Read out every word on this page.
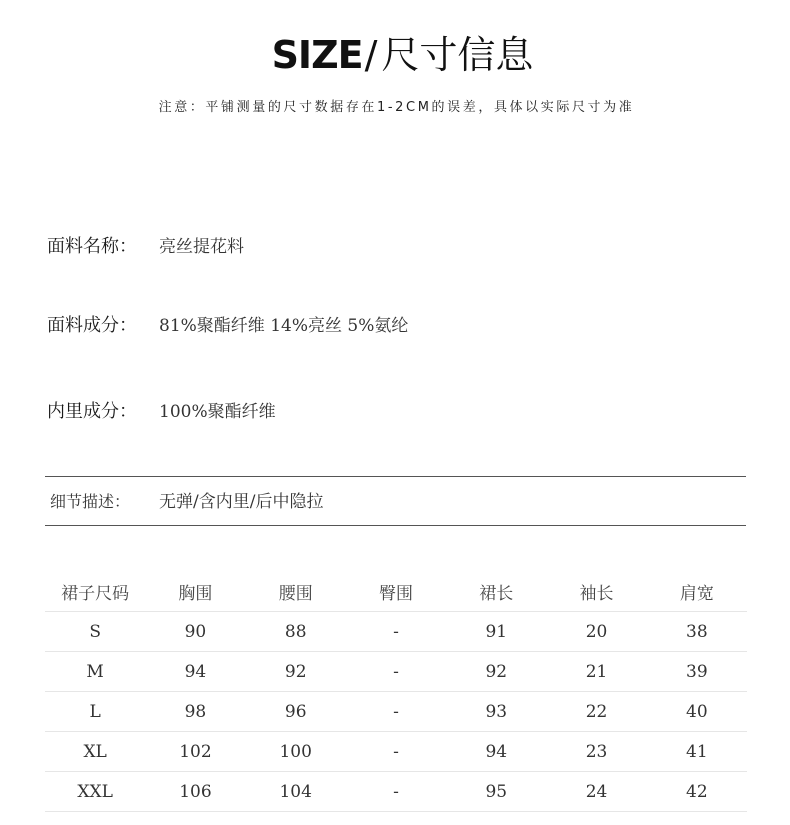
SIZE/ 尺寸信息
注意：平铺测量的尺寸数据存在1-2CM的误差，具体以实际尺寸为准
面料名称： 亮丝提花料
面料成分： 81%聚酯纤维 14%亮丝 5%氨纶
内里成分： 100%聚酯纤维
细节描述： 无弹/含内里/后中隐拉
裙子尺码	胸围	腰围	臀围	裙长	袖长	肩宽
S	90	88	-	91	20	38
M	94	92	-	92	21	39
L	98	96	-	93	22	40
XL	102	100	-	94	23	41
XXL	106	104	-	95	24	42
